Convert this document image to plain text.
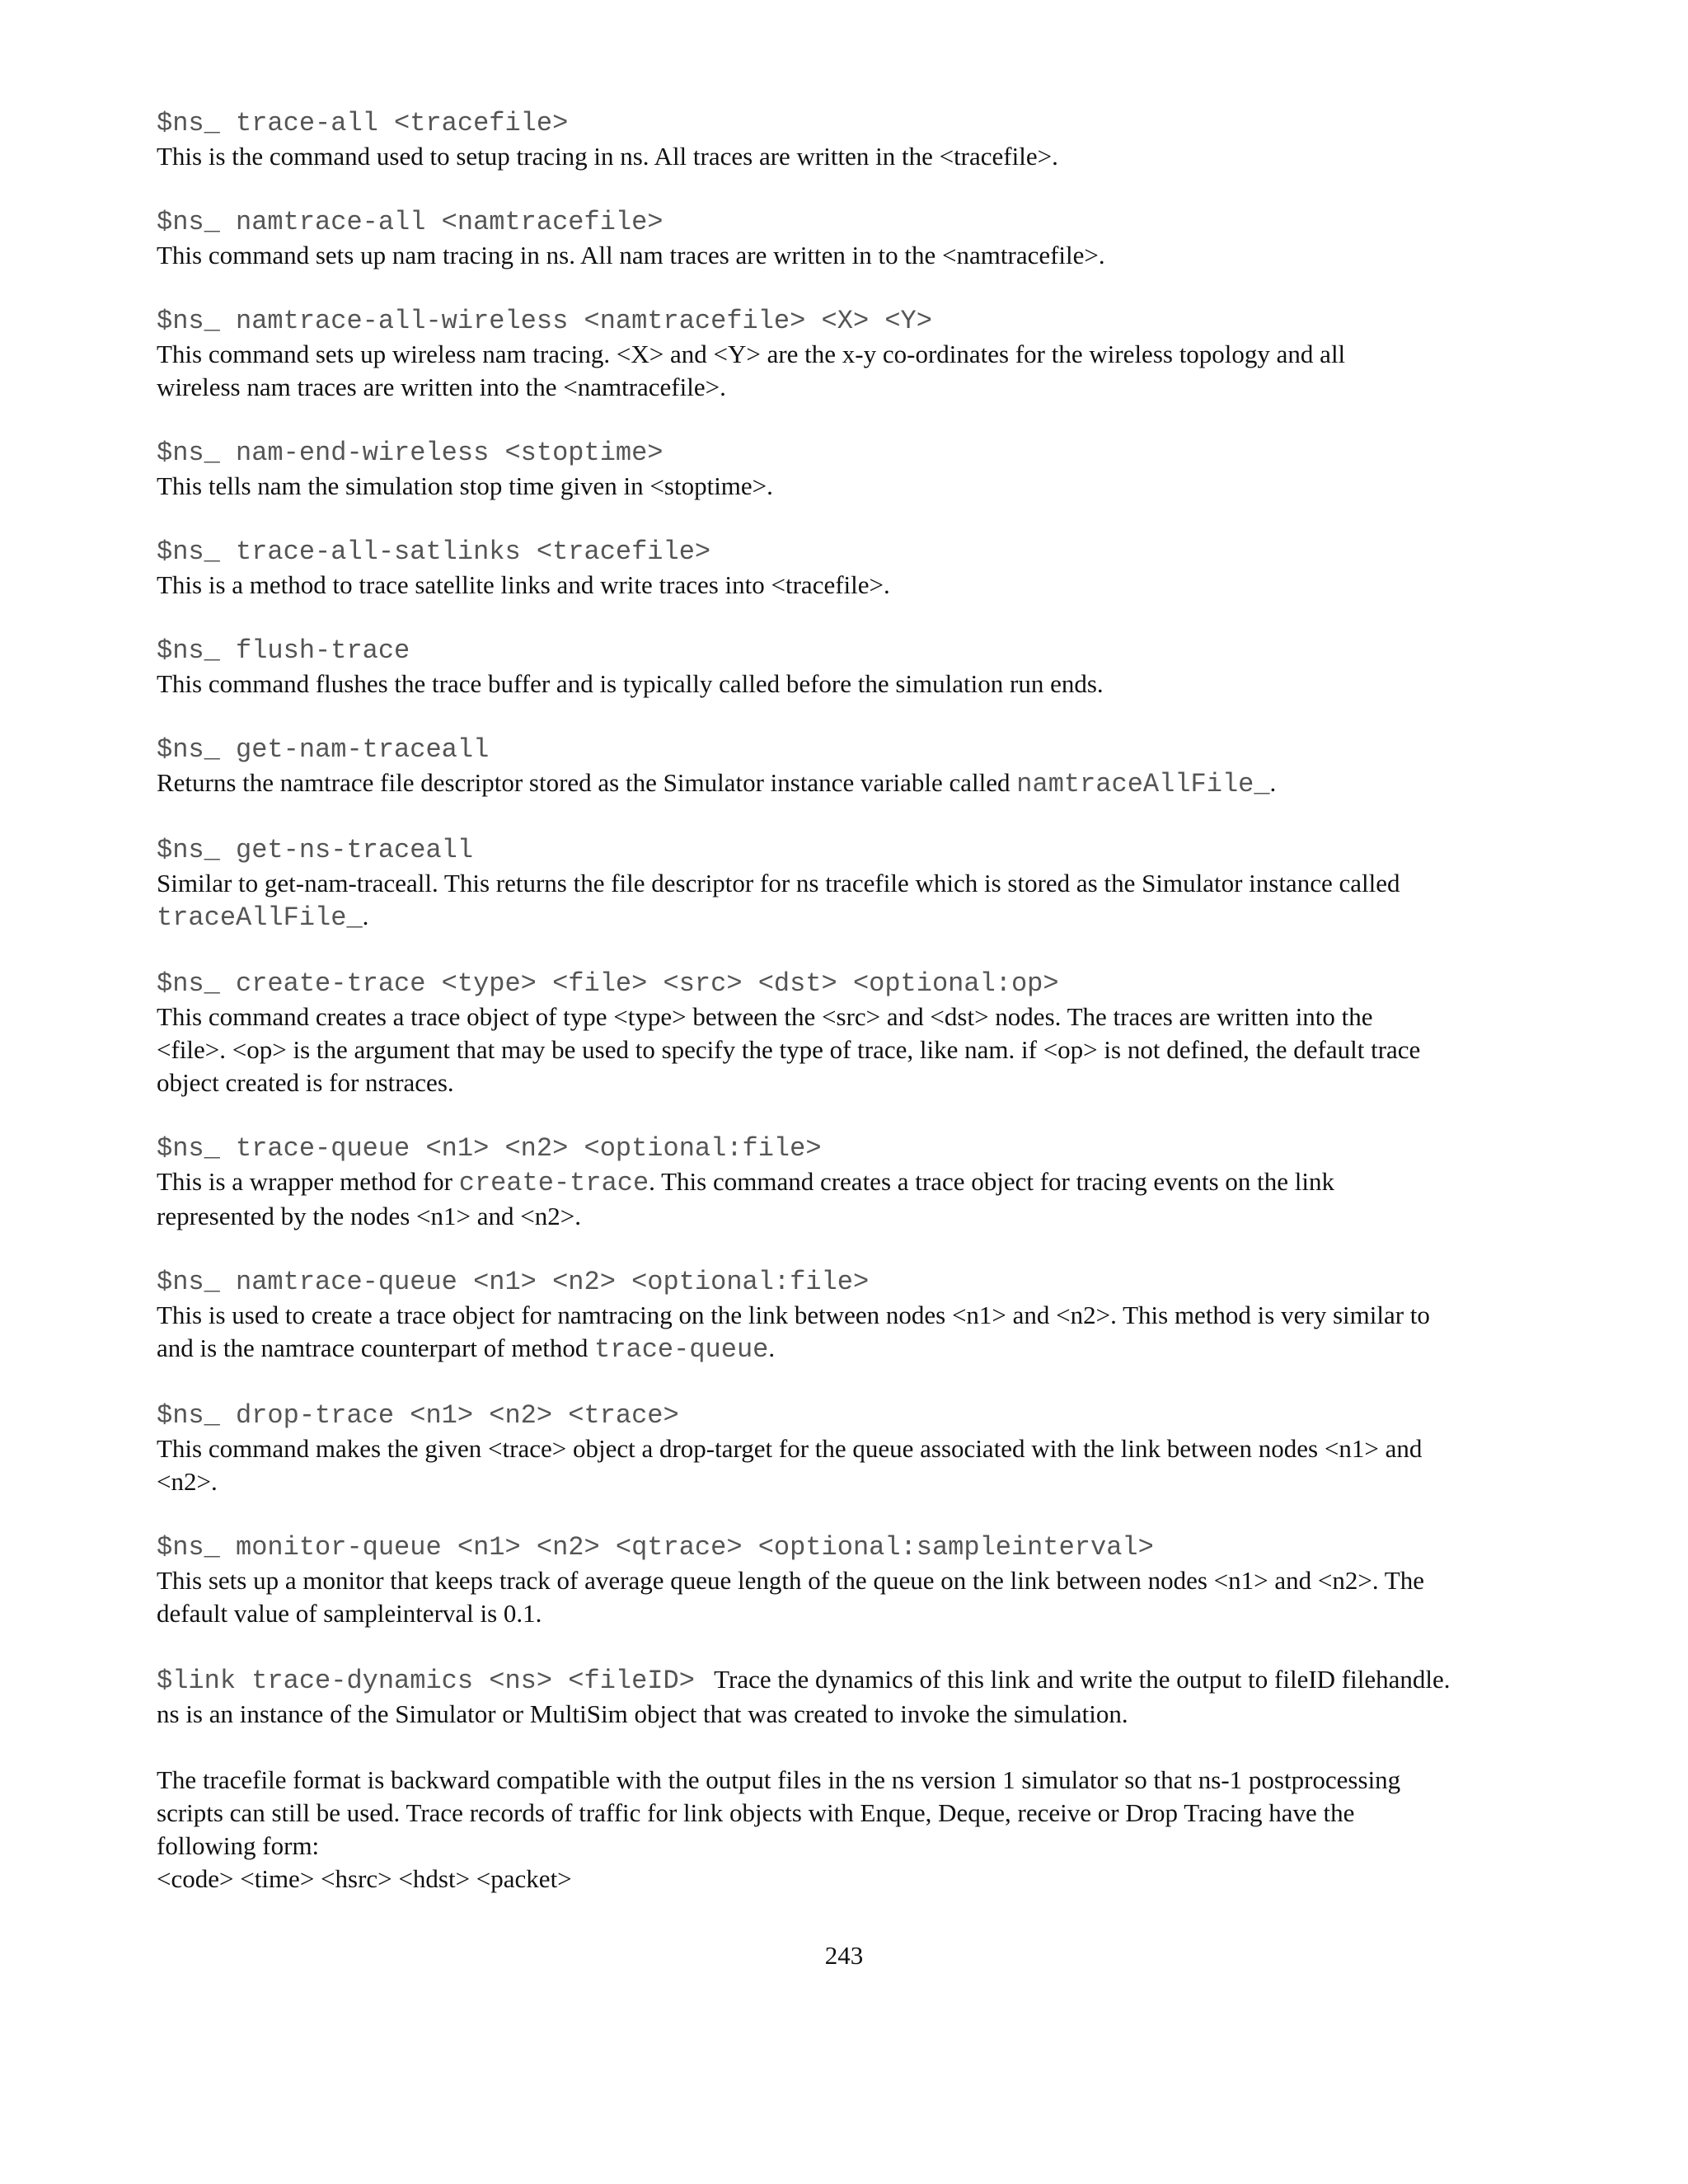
$ns_ trace-all <tracefile>
This is the command used to setup tracing in ns. All traces are written in the <tracefile>.
$ns_ namtrace-all <namtracefile>
This command sets up nam tracing in ns. All nam traces are written in to the <namtracefile>.
$ns_ namtrace-all-wireless <namtracefile> <X> <Y>
This command sets up wireless nam tracing. <X> and <Y> are the x-y co-ordinates for the wireless topology and all
wireless nam traces are written into the <namtracefile>.
$ns_ nam-end-wireless <stoptime>
This tells nam the simulation stop time given in <stoptime>.
$ns_ trace-all-satlinks <tracefile>
This is a method to trace satellite links and write traces into <tracefile>.
$ns_ flush-trace
This command flushes the trace buffer and is typically called before the simulation run ends.
$ns_ get-nam-traceall
Returns the namtrace file descriptor stored as the Simulator instance variable called namtraceAllFile_.
$ns_ get-ns-traceall
Similar to get-nam-traceall. This returns the file descriptor for ns tracefile which is stored as the Simulator instance called
traceAllFile_.
$ns_ create-trace <type> <file> <src> <dst> <optional:op>
This command creates a trace object of type <type> between the <src> and <dst> nodes. The traces are written into the
<file>. <op> is the argument that may be used to specify the type of trace, like nam. if <op> is not defined, the default trace
object created is for nstraces.
$ns_ trace-queue <n1> <n2> <optional:file>
This is a wrapper method for create-trace. This command creates a trace object for tracing events on the link
represented by the nodes <n1> and <n2>.
$ns_ namtrace-queue <n1> <n2> <optional:file>
This is used to create a trace object for namtracing on the link between nodes <n1> and <n2>. This method is very similar to
and is the namtrace counterpart of method trace-queue.
$ns_ drop-trace <n1> <n2> <trace>
This command makes the given <trace> object a drop-target for the queue associated with the link between nodes <n1> and
<n2>.
$ns_ monitor-queue <n1> <n2> <qtrace> <optional:sampleinterval>
This sets up a monitor that keeps track of average queue length of the queue on the link between nodes <n1> and <n2>. The
default value of sampleinterval is 0.1.
$link trace-dynamics <ns> <fileID> Trace the dynamics of this link and write the output to fileID filehandle.
ns is an instance of the Simulator or MultiSim object that was created to invoke the simulation.

The tracefile format is backward compatible with the output files in the ns version 1 simulator so that ns-1 postprocessing
scripts can still be used. Trace records of traffic for link objects with Enque, Deque, receive or Drop Tracing have the
following form:

<code> <time> <hsrc> <hdst> <packet>

243
